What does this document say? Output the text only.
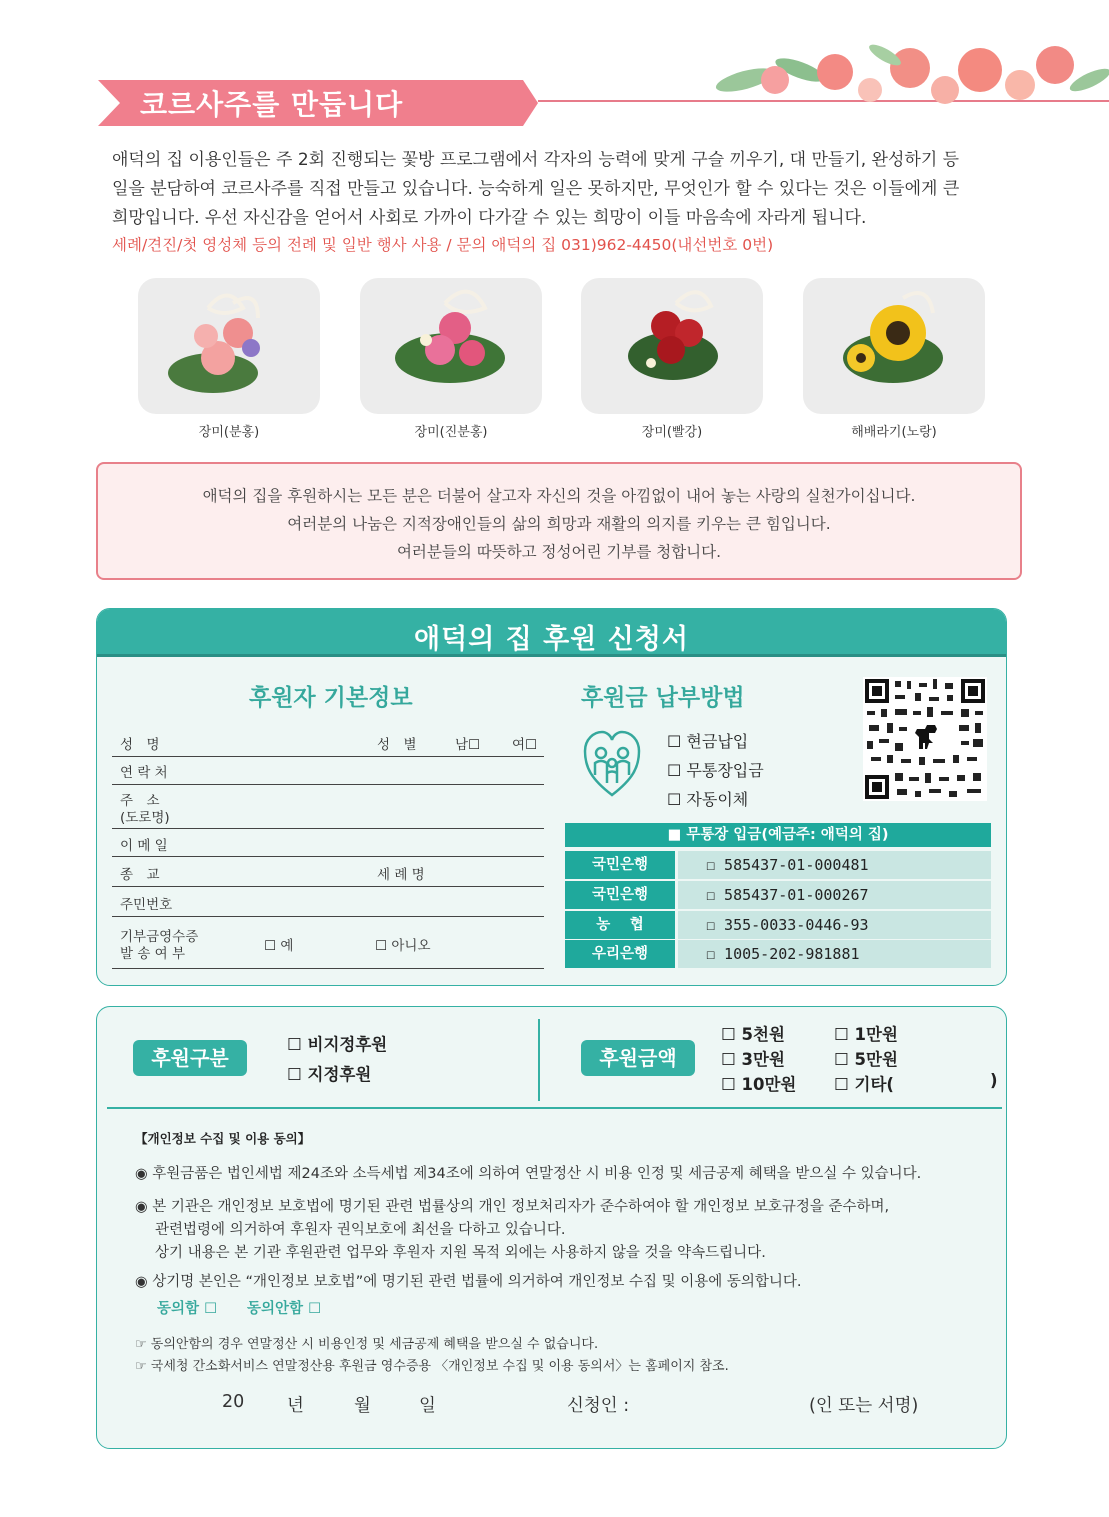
코르사주를 만듭니다
애덕의 집 이용인들은 주 2회 진행되는 꽃방 프로그램에서 각자의 능력에 맞게 구슬 끼우기, 대 만들기, 완성하기 등
일을 분담하여 코르사주를 직접 만들고 있습니다. 능숙하게 일은 못하지만, 무엇인가 할 수 있다는 것은 이들에게 큰
희망입니다. 우선 자신감을 얻어서 사회로 가까이 다가갈 수 있는 희망이 이들 마음속에 자라게 됩니다.
세례/견진/첫 영성체 등의 전례 및 일반 행사 사용 / 문의 애덕의 집 031)962-4450(내선번호 0번)
장미(분홍)	장미(진분홍)	장미(빨강)	해배라기(노랑)

애덕의 집을 후원하시는 모든 분은 더불어 살고자 자신의 것을 아낌없이 내어 놓는 사랑의 실천가이십니다.

여러분의 나눔은 지적장애인들의 삶의 희망과 재활의 의지를 키우는 큰 힘입니다.

여러분들의 따뜻하고 정성어린 기부를 청합니다.

애덕의 집 후원 신청서
후원자 기본정보
성　명	성　별	남☐ 여☐
연 락 처
주　소
(도로명)
이 메 일
종　교	세 례 명
주민번호
기부금영수증
발 송 여 부	☐ 예	☐ 아니오
후원금 납부방법
☐ 현금납입
☐ 무통장입금
☐ 자동이체
■ 무통장 입금(예금주: 애덕의 집)
국민은행	☐ 585437-01-000481
국민은행	☐ 585437-01-000267
농　 협	☐ 355-0033-0446-93
우리은행	☐ 1005-202-981881
후원구분
☐ 비지정후원
☐ 지정후원
후원금액
☐ 5천원	☐ 1만원
☐ 3만원	☐ 5만원
☐ 10만원 ☐ 기타(	)
【개인정보 수집 및 이용 동의】
◉ 후원금품은 법인세법 제24조와 소득세법 제34조에 의하여 연말정산 시 비용 인정 및 세금공제 혜택을 받으실 수 있습니다.
◉ 본 기관은 개인정보 보호법에 명기된 관련 법률상의 개인 정보처리자가 준수하여야 할 개인정보 보호규정을 준수하며,
관련법령에 의거하여 후원자 권익보호에 최선을 다하고 있습니다.
상기 내용은 본 기관 후원관련 업무와 후원자 지원 목적 외에는 사용하지 않을 것을 약속드립니다.
◉ 상기명 본인은 “개인정보 보호법”에 명기된 관련 법률에 의거하여 개인정보 수집 및 이용에 동의합니다.
동의함 ☐ 동의안함 ☐
☞ 동의안함의 경우 연말정산 시 비용인정 및 세금공제 혜택을 받으실 수 없습니다.
☞ 국세청 간소화서비스 연말정산용 후원금 영수증용 〈개인정보 수집 및 이용 동의서〉는 홈페이지 참조.
20 년	월	일	신청인 :	(인 또는 서명)
